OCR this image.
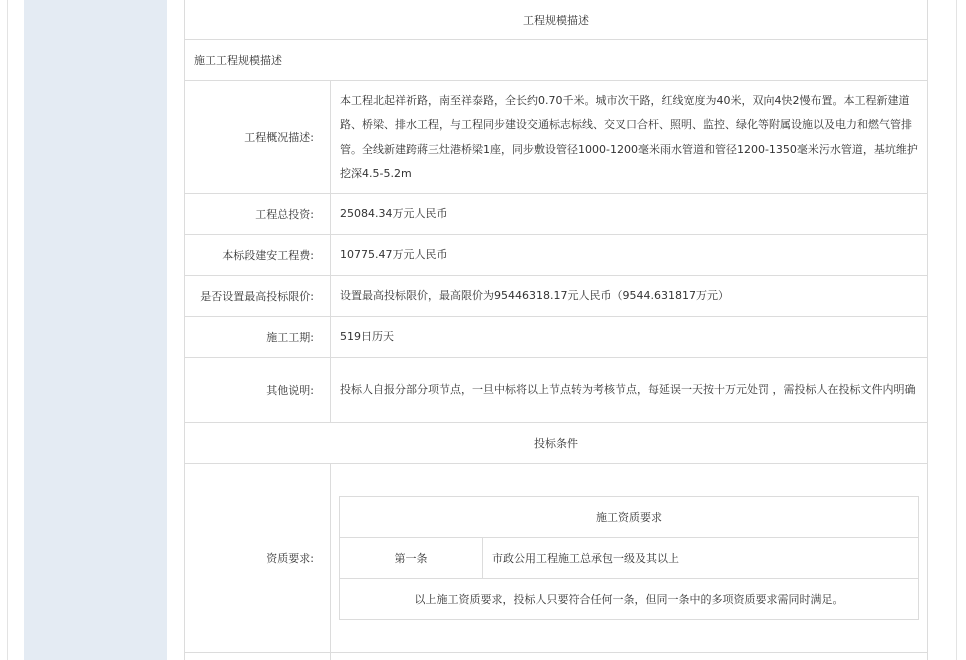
工程规模描述
施工工程规模描述
工程概况描述:
本工程北起祥祈路，南至祥泰路，全长约0.70千米。城市次干路，红线宽度为40米，双向4快2慢布置。本工程新建道路、桥梁、排水工程，与工程同步建设交通标志标线、交叉口合杆、照明、监控、绿化等附属设施以及电力和燃气管排管。全线新建跨蔣三灶港桥梁1座，同步敷设管径1000-1200毫米雨水管道和管径1200-1350毫米污水管道，基坑维护挖深4.5-5.2m
工程总投资:	25084.34万元人民币
本标段建安工程费:	10775.47万元人民币
是否设置最高投标限价:	设置最高投标限价，最高限价为95446318.17元人民币（9544.631817万元）
施工工期:	519日历天
其他说明:	投标人自报分部分项节点，一旦中标将以上节点转为考核节点，每延误一天按十万元处罚 ，需投标人在投标文件内明确
投标条件
资质要求:
施工资质要求
第一条	市政公用工程施工总承包一级及其以上
以上施工资质要求，投标人只要符合任何一条，但同一条中的多项资质要求需同时满足。
